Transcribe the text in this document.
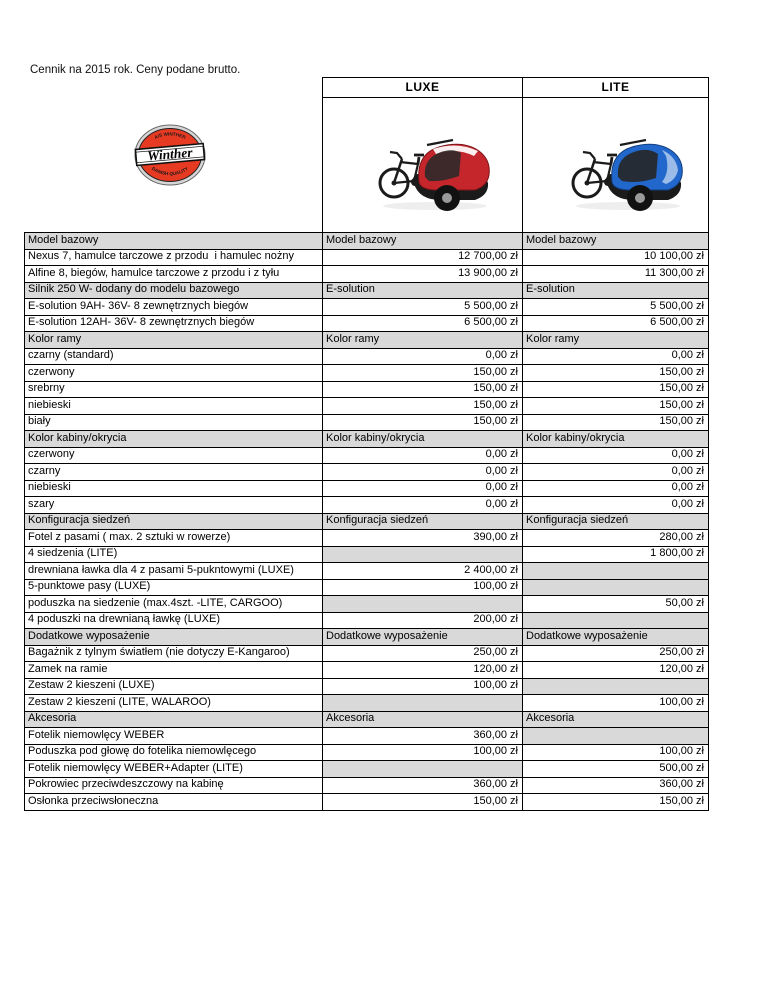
Cennik na 2015 rok. Ceny podane brutto.
A/S WINTHER
Winther
DANISH QUALITY
	LUXE	LITE

Model bazowy	Model bazowy	Model bazowy
Nexus 7, hamulce tarczowe z przodu  i hamulec nożny	12 700,00 zł	10 100,00 zł
Alfine 8, biegów, hamulce tarczowe z przodu i z tyłu	13 900,00 zł	11 300,00 zł
Silnik 250 W- dodany do modelu bazowego	E-solution	E-solution
E-solution 9AH- 36V- 8 zewnętrznych biegów	5 500,00 zł	5 500,00 zł
E-solution 12AH- 36V- 8 zewnętrznych biegów	6 500,00 zł	6 500,00 zł
Kolor ramy	Kolor ramy	Kolor ramy
czarny (standard)	0,00 zł	0,00 zł
czerwony	150,00 zł	150,00 zł
srebrny	150,00 zł	150,00 zł
niebieski	150,00 zł	150,00 zł
biały	150,00 zł	150,00 zł
Kolor kabiny/okrycia	Kolor kabiny/okrycia	Kolor kabiny/okrycia
czerwony	0,00 zł	0,00 zł
czarny	0,00 zł	0,00 zł
niebieski	0,00 zł	0,00 zł
szary	0,00 zł	0,00 zł
Konfiguracja siedzeń	Konfiguracja siedzeń	Konfiguracja siedzeń
Fotel z pasami ( max. 2 sztuki w rowerze)	390,00 zł	280,00 zł
4 siedzenia (LITE)		1 800,00 zł
drewniana ławka dla 4 z pasami 5-pukntowymi (LUXE)	2 400,00 zł	
5-punktowe pasy (LUXE)	100,00 zł	
poduszka na siedzenie (max.4szt. -LITE, CARGOO)		50,00 zł
4 poduszki na drewnianą ławkę (LUXE)	200,00 zł	
Dodatkowe wyposażenie	Dodatkowe wyposażenie	Dodatkowe wyposażenie
Bagażnik z tylnym światłem (nie dotyczy E-Kangaroo)	250,00 zł	250,00 zł
Zamek na ramie	120,00 zł	120,00 zł
Zestaw 2 kieszeni (LUXE)	100,00 zł	
Zestaw 2 kieszeni (LITE, WALAROO)		100,00 zł
Akcesoria	Akcesoria	Akcesoria
Fotelik niemowlęcy WEBER	360,00 zł	
Poduszka pod głowę do fotelika niemowlęcego	100,00 zł	100,00 zł
Fotelik niemowlęcy WEBER+Adapter (LITE)		500,00 zł
Pokrowiec przeciwdeszczowy na kabinę	360,00 zł	360,00 zł
Osłonka przeciwsłoneczna	150,00 zł	150,00 zł
